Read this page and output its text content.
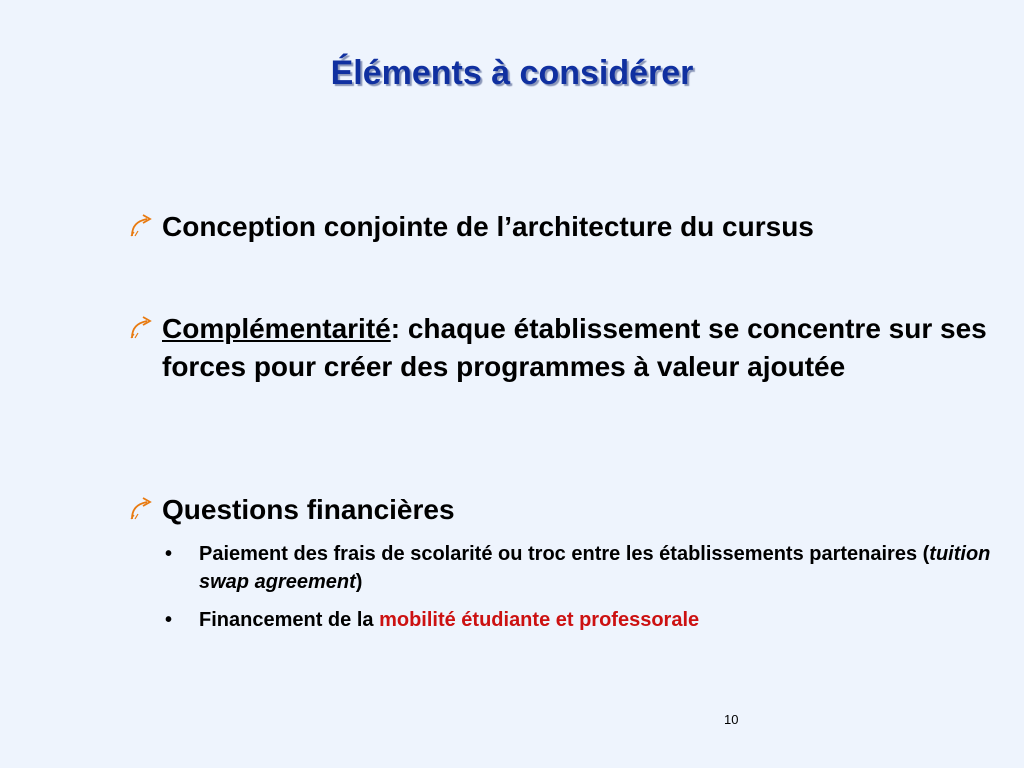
Éléments à considérer
Conception conjointe de l’architecture du cursus
Complémentarité: chaque établissement se concentre sur ses forces pour créer des programmes à valeur ajoutée
Questions financières
• Paiement des frais de scolarité ou troc entre les établissements partenaires (tuition swap agreement)
• Financement de la mobilité étudiante et professorale
10
